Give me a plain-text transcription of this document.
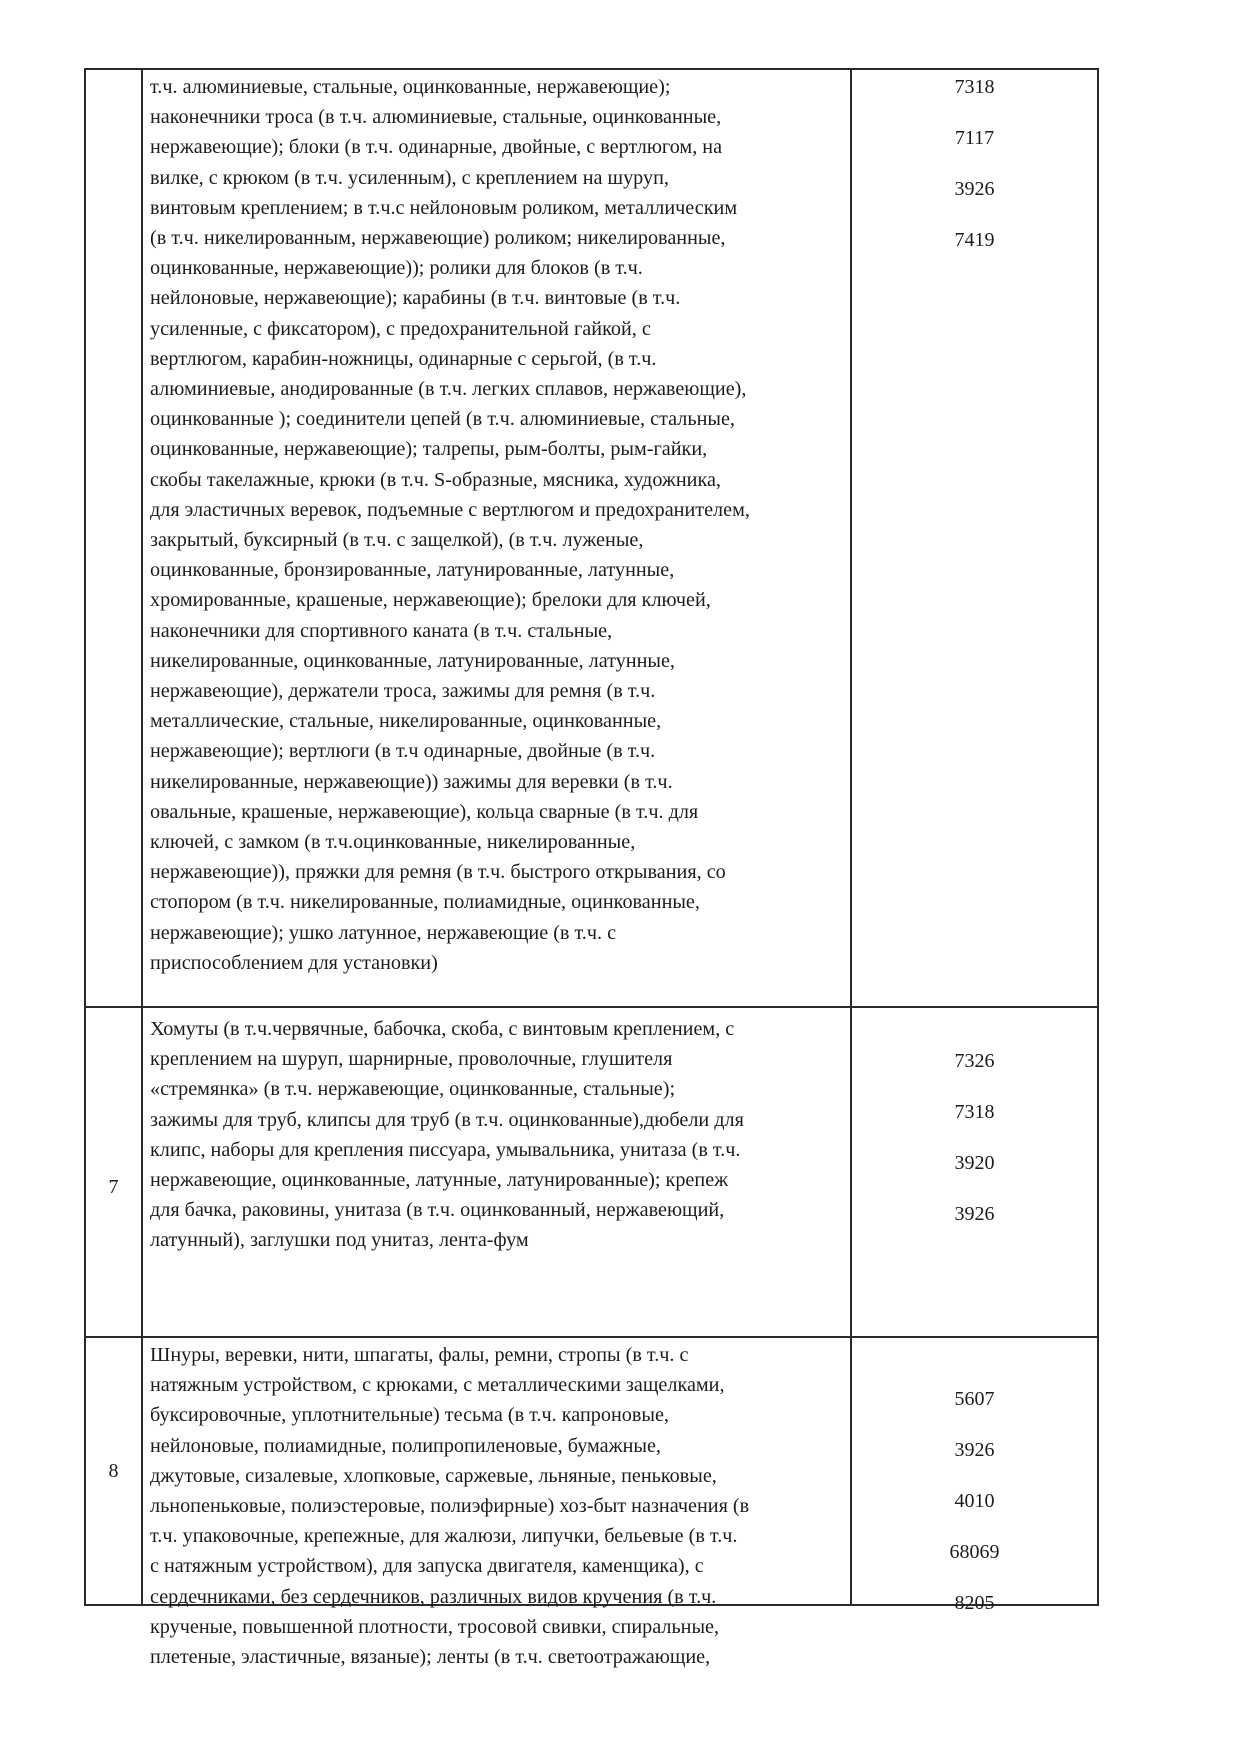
т.ч. алюминиевые, стальные, оцинкованные, нержавеющие);
наконечники троса (в т.ч. алюминиевые, стальные, оцинкованные,
нержавеющие); блоки (в т.ч. одинарные, двойные, с вертлюгом, на
вилке, с крюком (в т.ч. усиленным), с креплением на шуруп,
винтовым креплением; в т.ч.с нейлоновым роликом, металлическим
(в т.ч. никелированным, нержавеющие) роликом; никелированные,
оцинкованные, нержавеющие)); ролики для блоков (в т.ч.
нейлоновые, нержавеющие); карабины (в т.ч. винтовые (в т.ч.
усиленные, с фиксатором), с предохранительной гайкой, с
вертлюгом, карабин-ножницы, одинарные с серьгой, (в т.ч.
алюминиевые, анодированные (в т.ч. легких сплавов, нержавеющие),
оцинкованные ); соединители цепей (в т.ч. алюминиевые, стальные,
оцинкованные, нержавеющие); талрепы, рым-болты, рым-гайки,
скобы такелажные, крюки (в т.ч. S-образные, мясника, художника,
для эластичных веревок, подъемные с вертлюгом и предохранителем,
закрытый, буксирный (в т.ч. с защелкой), (в т.ч. луженые,
оцинкованные, бронзированные, латунированные, латунные,
хромированные, крашеные, нержавеющие); брелоки для ключей,
наконечники для спортивного каната (в т.ч. стальные,
никелированные, оцинкованные, латунированные, латунные,
нержавеющие), держатели троса, зажимы для ремня (в т.ч.
металлические, стальные, никелированные, оцинкованные,
нержавеющие); вертлюги (в т.ч одинарные, двойные (в т.ч.
никелированные, нержавеющие)) зажимы для веревки (в т.ч.
овальные, крашеные, нержавеющие), кольца сварные (в т.ч. для
ключей, с замком (в т.ч.оцинкованные, никелированные,
нержавеющие)), пряжки для ремня (в т.ч. быстрого открывания, со
стопором (в т.ч. никелированные, полиамидные, оцинкованные,
нержавеющие); ушко латунное, нержавеющие (в т.ч. с
приспособлением для установки)
7318
7117
3926
7419
7
Хомуты (в т.ч.червячные, бабочка, скоба, с винтовым креплением, с
креплением на шуруп, шарнирные, проволочные, глушителя
«стремянка» (в т.ч. нержавеющие, оцинкованные, стальные);
зажимы для труб, клипсы для труб (в т.ч. оцинкованные),дюбели для
клипс, наборы для крепления писсуара, умывальника, унитаза (в т.ч.
нержавеющие, оцинкованные, латунные, латунированные); крепеж
для бачка, раковины, унитаза (в т.ч. оцинкованный, нержавеющий,
латунный), заглушки под унитаз, лента-фум
7326
7318
3920
3926
8
Шнуры, веревки, нити, шпагаты, фалы, ремни, стропы (в т.ч. с
натяжным устройством, с крюками, с металлическими защелками,
буксировочные, уплотнительные) тесьма (в т.ч. капроновые,
нейлоновые, полиамидные, полипропиленовые, бумажные,
джутовые, сизалевые, хлопковые, саржевые, льняные, пеньковые,
льнопеньковые, полиэстеровые, полиэфирные) хоз-быт назначения (в
т.ч. упаковочные, крепежные, для жалюзи, липучки, бельевые (в т.ч.
с натяжным устройством), для запуска двигателя, каменщика), с
сердечниками, без сердечников, различных видов кручения (в т.ч.
крученые, повышенной плотности, тросовой свивки, спиральные,
плетеные, эластичные, вязаные); ленты (в т.ч. светоотражающие,
5607
3926
4010
68069
8205
